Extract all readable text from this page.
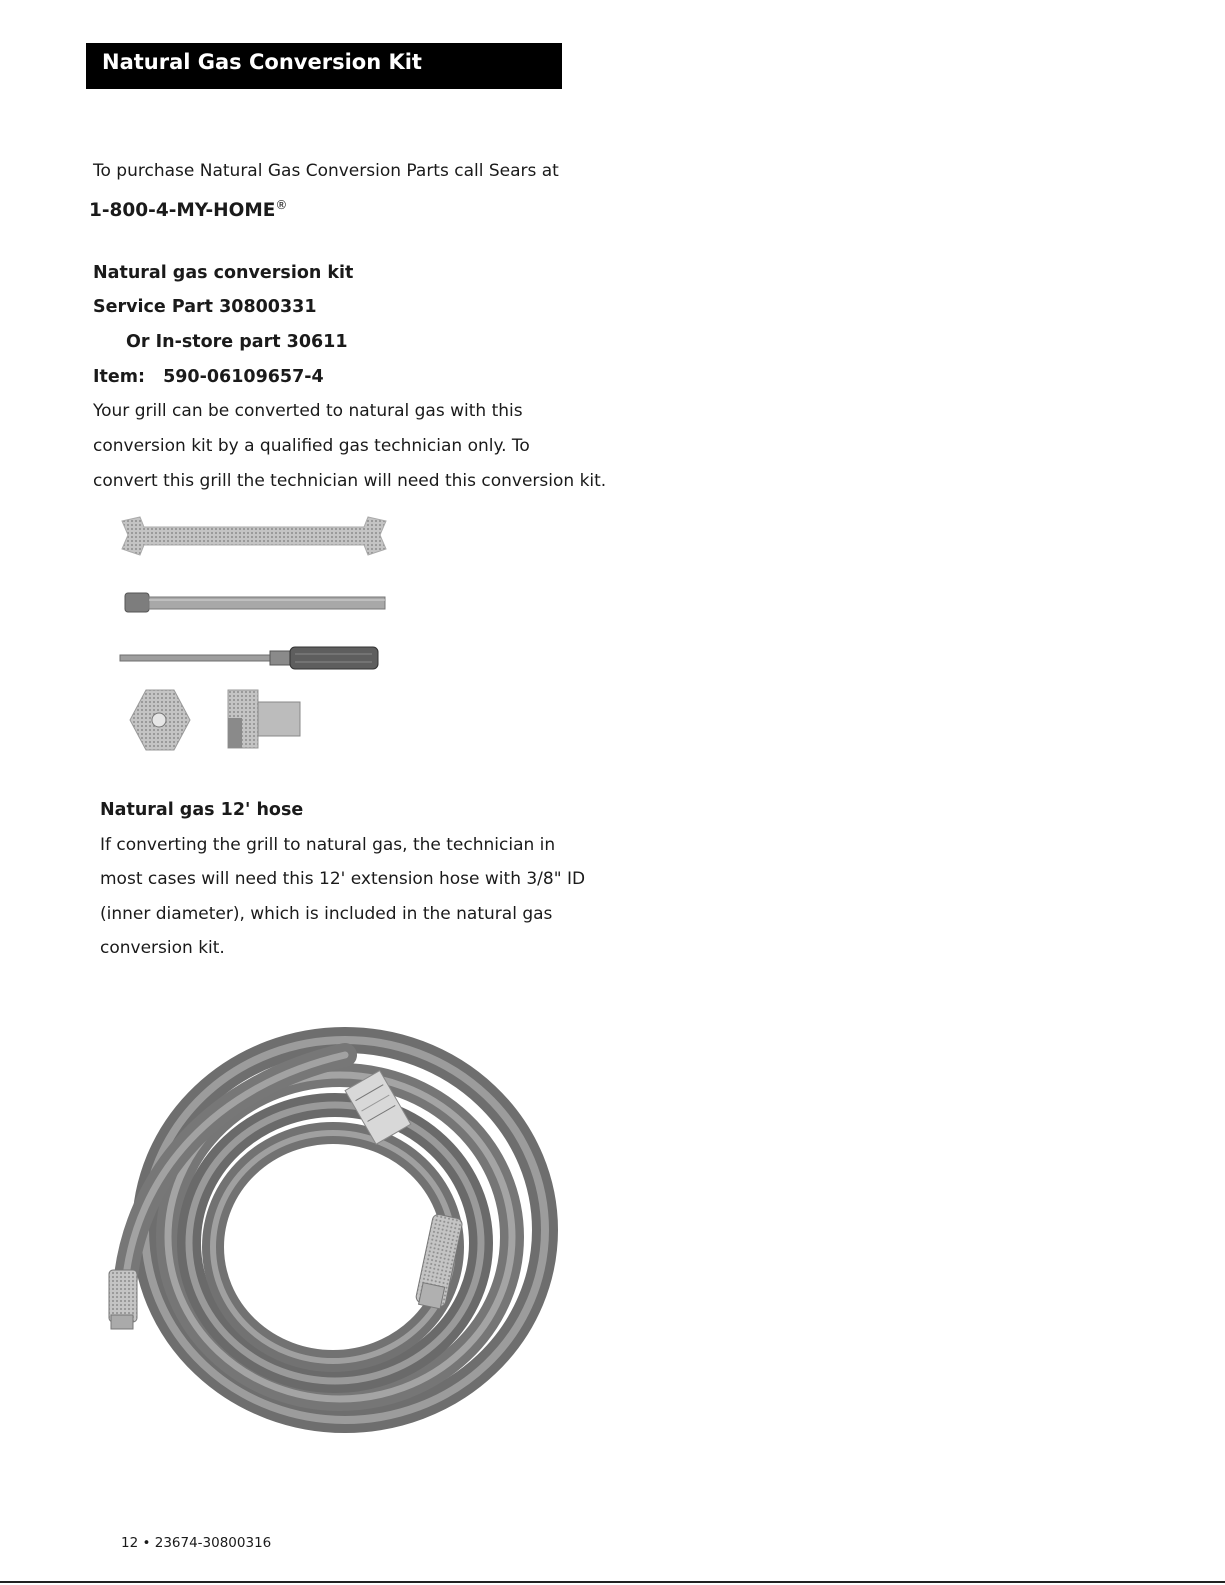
Natural Gas Conversion Kit
To purchase Natural Gas Conversion Parts call Sears at
1-800-4-MY-HOME®
Natural gas conversion kit
Service Part 30800331
Or In-store part 30611
Item: 590-06109657-4
Your grill can be converted to natural gas with this
conversion kit by a qualified gas technician only. To
convert this grill the technician will need this conversion kit.
Natural gas 12' hose
If converting the grill to natural gas, the technician in
most cases will need this 12' extension hose with 3/8" ID
(inner diameter), which is included in the natural gas
conversion kit.
12 • 23674-30800316
